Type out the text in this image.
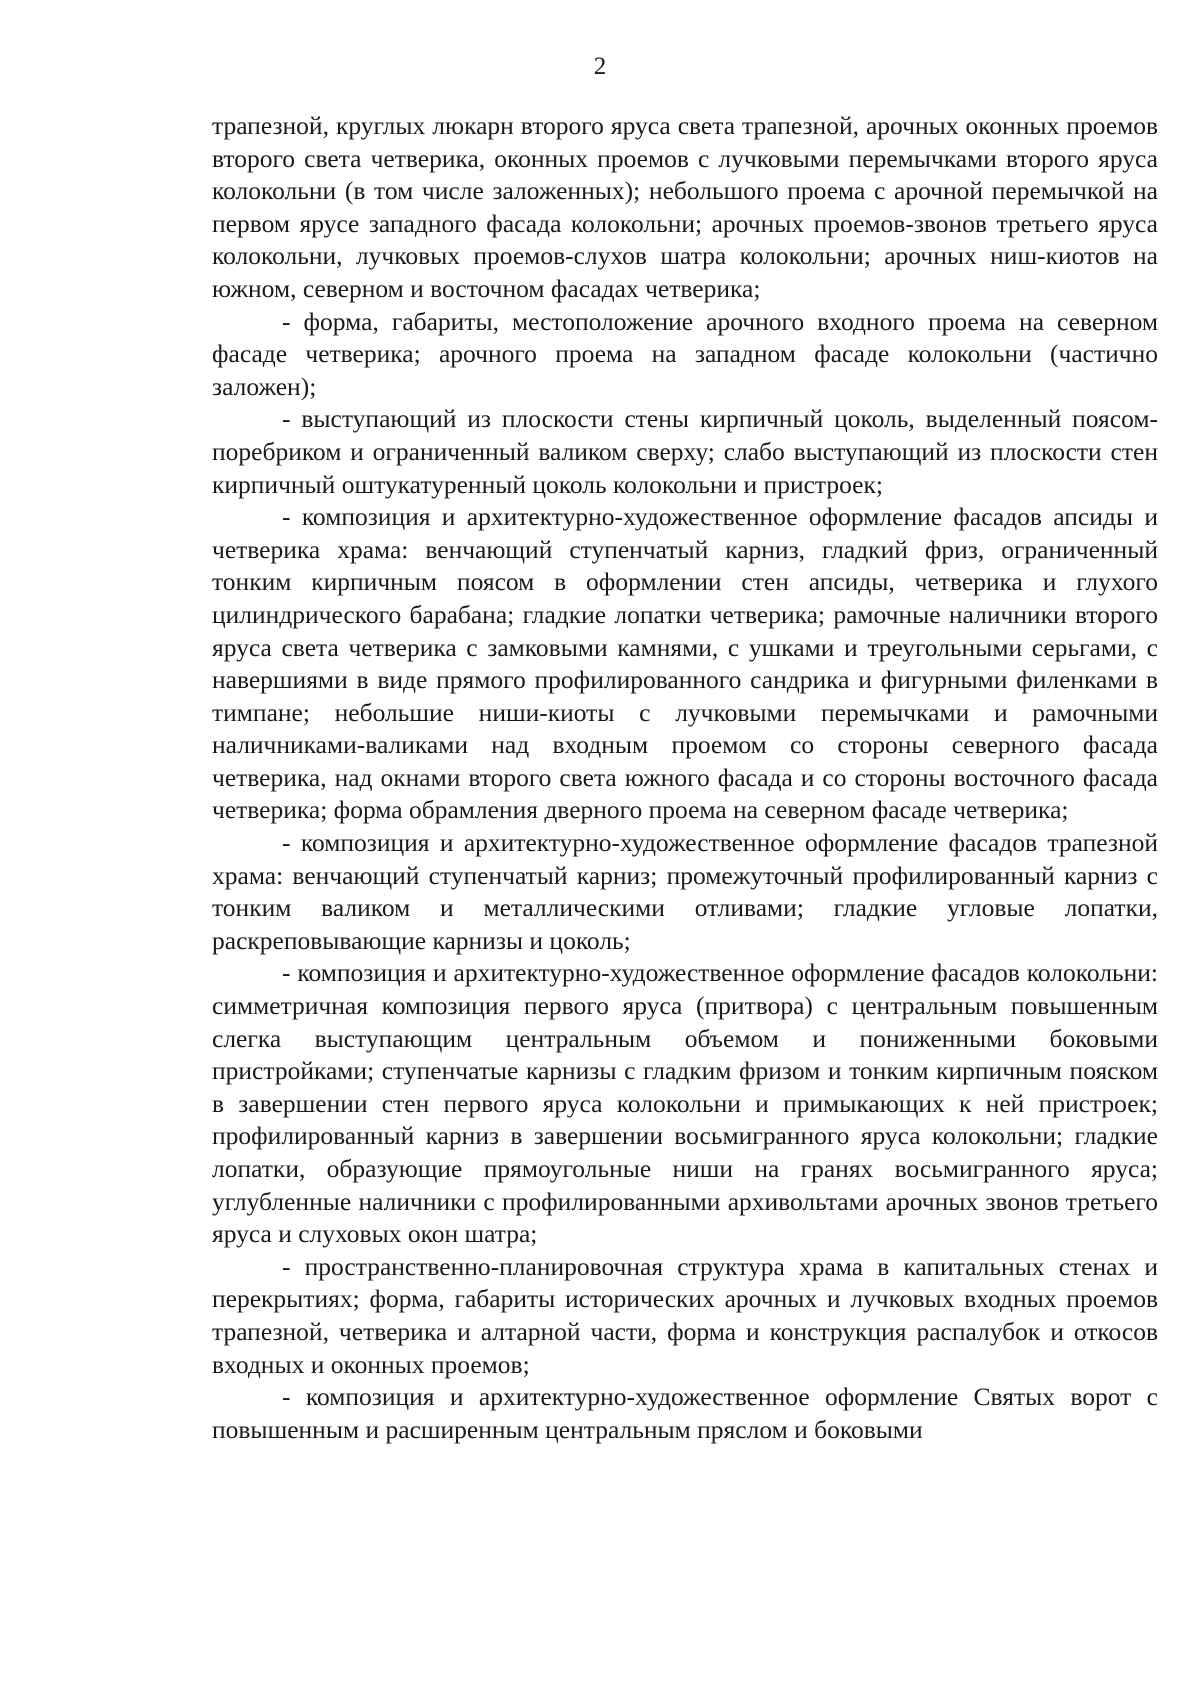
2

трапезной, круглых люкарн второго яруса света трапезной, арочных оконных проемов второго света четверика, оконных проемов с лучковыми перемычками второго яруса колокольни (в том числе заложенных); небольшого проема с арочной перемычкой на первом ярусе западного фасада колокольни; арочных проемов-звонов третьего яруса колокольни, лучковых проемов-слухов шатра колокольни; арочных ниш-киотов на южном, северном и восточном фасадах четверика;

- форма, габариты, местоположение арочного входного проема на северном фасаде четверика; арочного проема на западном фасаде колокольни (частично заложен);

- выступающий из плоскости стены кирпичный цоколь, выделенный поясом-поребриком и ограниченный валиком сверху; слабо выступающий из плоскости стен кирпичный оштукатуренный цоколь колокольни и пристроек;

- композиция и архитектурно-художественное оформление фасадов апсиды и четверика храма: венчающий ступенчатый карниз, гладкий фриз, ограниченный тонким кирпичным поясом в оформлении стен апсиды, четверика и глухого цилиндрического барабана; гладкие лопатки четверика; рамочные наличники второго яруса света четверика с замковыми камнями, с ушками и треугольными серьгами, с навершиями в виде прямого профилированного сандрика и фигурными филенками в тимпане; небольшие ниши-киоты с лучковыми перемычками и рамочными наличниками-валиками над входным проемом со стороны северного фасада четверика, над окнами второго света южного фасада и со стороны восточного фасада четверика; форма обрамления дверного проема на северном фасаде четверика;

- композиция и архитектурно-художественное оформление фасадов трапезной храма: венчающий ступенчатый карниз; промежуточный профилированный карниз с тонким валиком и металлическими отливами; гладкие угловые лопатки, раскреповывающие карнизы и цоколь;

- композиция и архитектурно-художественное оформление фасадов колокольни: симметричная композиция первого яруса (притвора) с центральным повышенным слегка выступающим центральным объемом и пониженными боковыми пристройками; ступенчатые карнизы с гладким фризом и тонким кирпичным пояском в завершении стен первого яруса колокольни и примыкающих к ней пристроек; профилированный карниз в завершении восьмигранного яруса колокольни; гладкие лопатки, образующие прямоугольные ниши на гранях восьмигранного яруса; углубленные наличники с профилированными архивольтами арочных звонов третьего яруса и слуховых окон шатра;

- пространственно-планировочная структура храма в капитальных стенах и перекрытиях; форма, габариты исторических арочных и лучковых входных проемов трапезной, четверика и алтарной части, форма и конструкция распалубок и откосов входных и оконных проемов;

- композиция и архитектурно-художественное оформление Святых ворот с повышенным и расширенным центральным пряслом и боковыми
